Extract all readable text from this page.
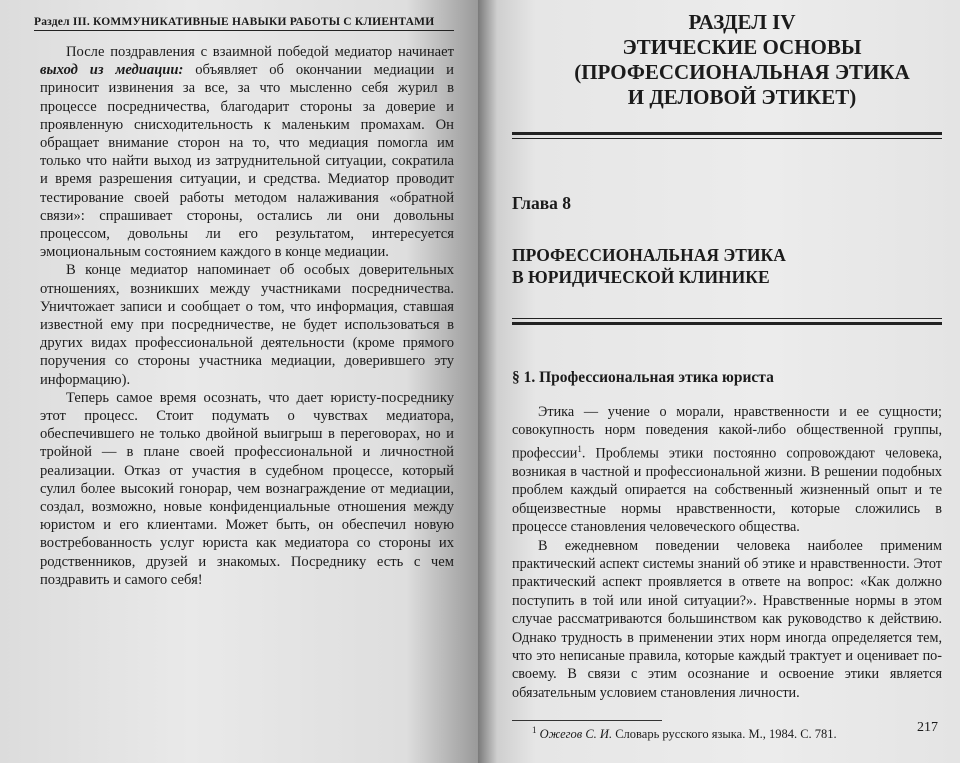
Раздел III. КОММУНИКАТИВНЫЕ НАВЫКИ РАБОТЫ С КЛИЕНТАМИ

После поздравления с взаимной победой медиатор начинает выход из медиации: объявляет об окончании медиации и приносит извинения за все, за что мысленно себя журил в процессе посредничества, благодарит стороны за доверие и проявленную снисходительность к маленьким промахам. Он обращает внимание сторон на то, что медиация помогла им только что найти выход из затруднительной ситуации, сократила и время разрешения ситуации, и средства. Медиатор проводит тестирование своей работы методом налаживания «обратной связи»: спрашивает стороны, остались ли они довольны процессом, довольны ли его результатом, интересуется эмоциональным состоянием каждого в конце медиации.

В конце медиатор напоминает об особых доверительных отношениях, возникших между участниками посредничества. Уничтожает записи и сообщает о том, что информация, ставшая известной ему при посредничестве, не будет использоваться в других видах профессиональной деятельности (кроме прямого поручения со стороны участника медиации, доверившего эту информацию).

Теперь самое время осознать, что дает юристу-посреднику этот процесс. Стоит подумать о чувствах медиатора, обеспечившего не только двойной выигрыш в переговорах, но и тройной — в плане своей профессиональной и личностной реализации. Отказ от участия в судебном процессе, который сулил более высокий гонорар, чем вознаграждение от медиации, создал, возможно, новые конфиденциальные отношения между юристом и его клиентами. Может быть, он обеспечил новую востребованность услуг юриста как медиатора со стороны их родственников, друзей и знакомых. Посреднику есть с чем поздравить и самого себя!

РАЗДЕЛ IV
ЭТИЧЕСКИЕ ОСНОВЫ
(ПРОФЕССИОНАЛЬНАЯ ЭТИКА
И ДЕЛОВОЙ ЭТИКЕТ)
Глава 8
ПРОФЕССИОНАЛЬНАЯ ЭТИКА
В ЮРИДИЧЕСКОЙ КЛИНИКЕ
§ 1. Профессиональная этика юриста

Этика — учение о морали, нравственности и ее сущности; совокупность норм поведения какой-либо общественной группы, профессии$^1$. Проблемы этики постоянно сопровождают человека, возникая в частной и профессиональной жизни. В решении подобных проблем каждый опирается на собственный жизненный опыт и те общеизвестные нормы нравственности, которые сложились в процессе становления человеческого общества.

В ежедневном поведении человека наиболее применим практический аспект системы знаний об этике и нравственности. Этот практический аспект проявляется в ответе на вопрос: «Как должно поступить в той или иной ситуации?». Нравственные нормы в этом случае рассматриваются большинством как руководство к действию. Однако трудность в применении этих норм иногда определяется тем, что это неписаные правила, которые каждый трактует и оценивает по-своему. В связи с этим осознание и освоение этики является обязательным условием становления личности.

$^1$ Ожегов С. И. Словарь русского языка. М., 1984. С. 781.	217
